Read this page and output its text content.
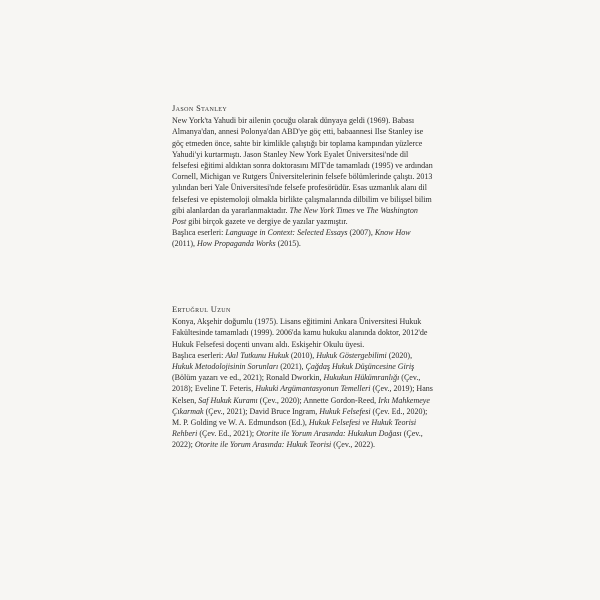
Jason Stanley

New York'ta Yahudi bir ailenin çocuğu olarak dünyaya geldi (1969). Babası Almanya'dan, annesi Polonya'dan ABD'ye göç etti, babaannesi Ilse Stanley ise göç etmeden önce, sahte bir kimlikle çalıştığı bir toplama kampından yüzlerce Yahudi'yi kurtarmıştı. Jason Stanley New York Eyalet Üniversitesi'nde dil felsefesi eğitimi aldıktan sonra doktorasını MIT'de tamamladı (1995) ve ardından Cornell, Michigan ve Rutgers Üniversitelerinin felsefe bölümlerinde çalıştı. 2013 yılından beri Yale Üniversitesi'nde felsefe profesörüdür. Esas uzmanlık alanı dil felsefesi ve epistemoloji olmakla birlikte çalışmalarında dilbilim ve bilişsel bilim gibi alanlardan da yararlanmaktadır. The New York Times ve The Washington Post gibi birçok gazete ve dergiye de yazılar yazmıştır.

Başlıca eserleri: Language in Context: Selected Essays (2007), Know How (2011), How Propaganda Works (2015).

Ertuğrul Uzun

Konya, Akşehir doğumlu (1975). Lisans eğitimini Ankara Üniversitesi Hukuk Fakültesinde tamamladı (1999). 2006'da kamu hukuku alanında doktor, 2012'de Hukuk Felsefesi doçenti unvanı aldı. Eskişehir Okulu üyesi.

Başlıca eserleri: Akıl Tutkunu Hukuk (2010), Hukuk Göstergebilimi (2020), Hukuk Metodolojisinin Sorunları (2021), Çağdaş Hukuk Düşüncesine Giriş (Bölüm yazarı ve ed., 2021); Ronald Dworkin, Hukukun Hükümranlığı (Çev., 2018); Eveline T. Feteris, Hukuki Argümantasyonun Temelleri (Çev., 2019); Hans Kelsen, Saf Hukuk Kuramı (Çev., 2020); Annette Gordon-Reed, Irkı Mahkemeye Çıkarmak (Çev., 2021); David Bruce Ingram, Hukuk Felsefesi (Çev. Ed., 2020); M. P. Golding ve W. A. Edmundson (Ed.), Hukuk Felsefesi ve Hukuk Teorisi Rehberi (Çev. Ed., 2021); Otorite ile Yorum Arasında: Hukukun Doğası (Çev., 2022); Otorite ile Yorum Arasında: Hukuk Teorisi (Çev., 2022).
